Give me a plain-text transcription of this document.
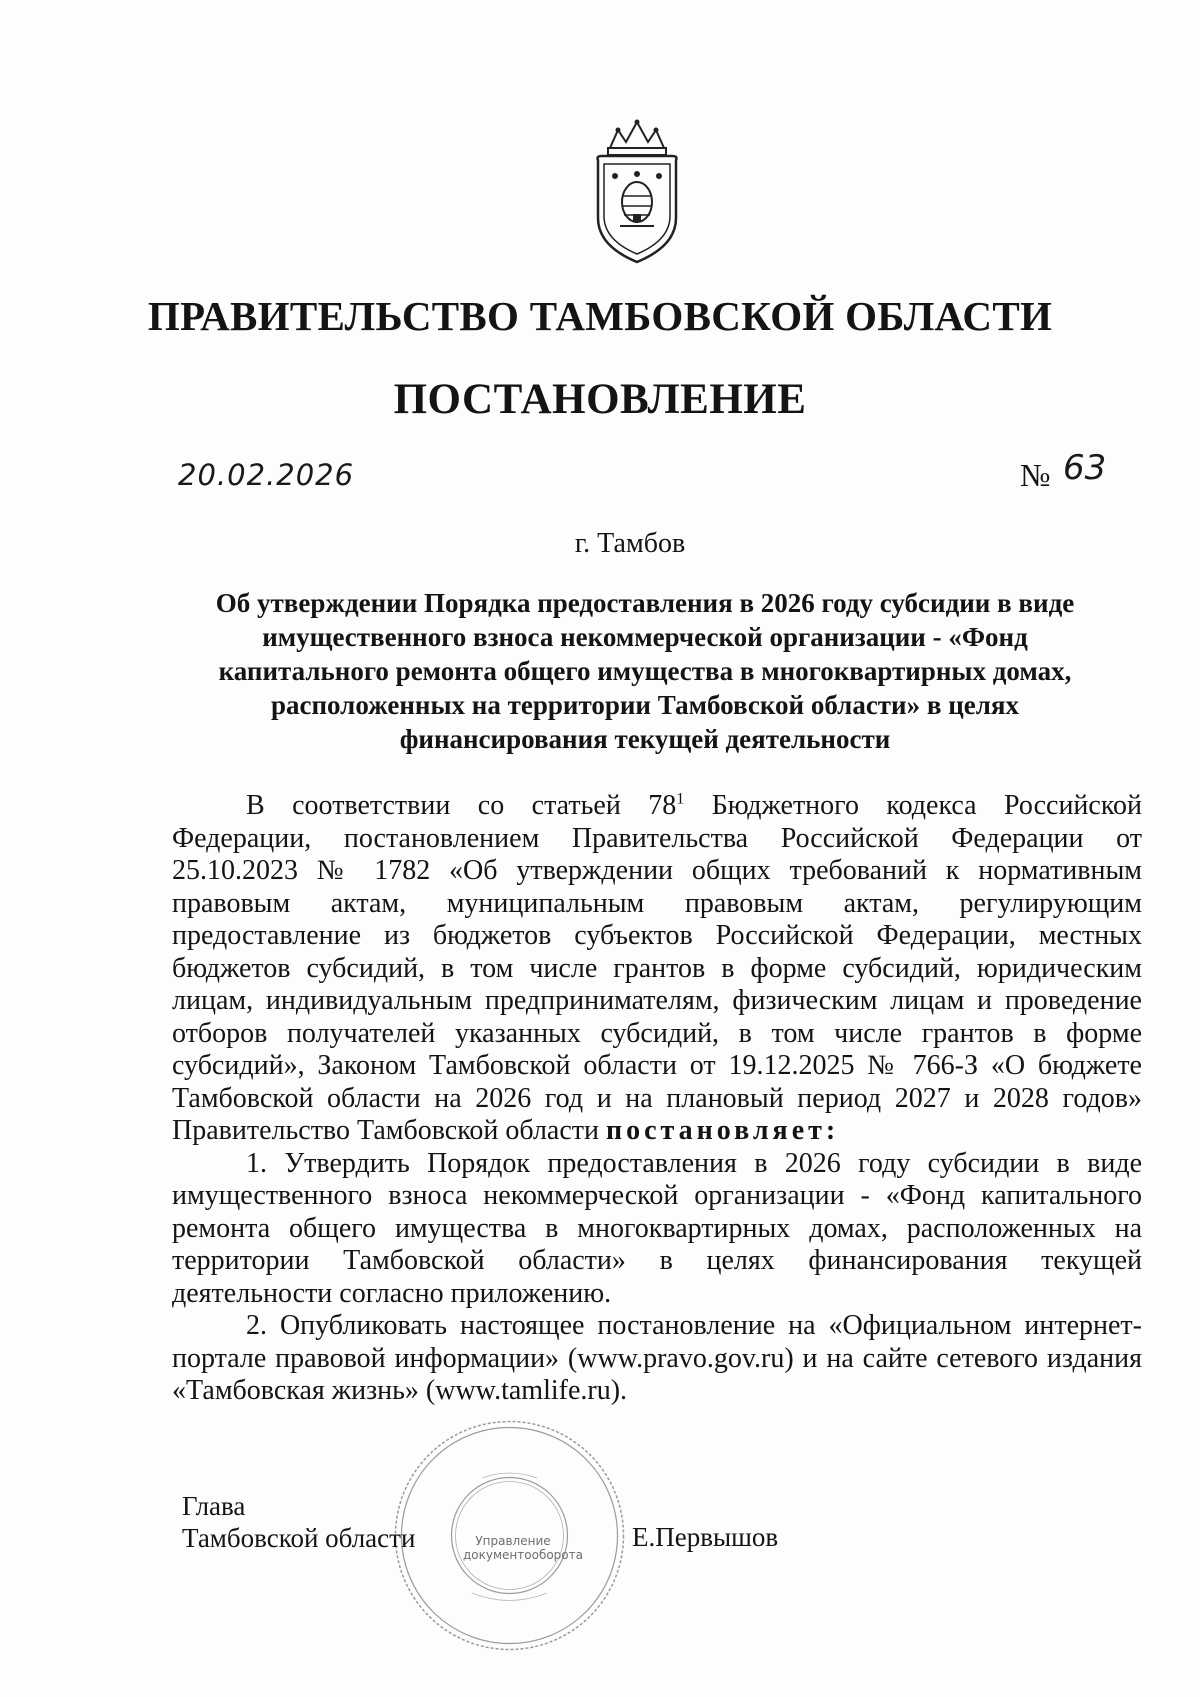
ПРАВИТЕЛЬСТВО ТАМБОВСКОЙ ОБЛАСТИ
ПОСТАНОВЛЕНИЕ
20.02.2026	№ 63
г. Тамбов
Об утверждении Порядка предоставления в 2026 году субсидии в виде имущественного взноса некоммерческой организации - «Фонд капитального ремонта общего имущества в многоквартирных домах, расположенных на территории Тамбовской области» в целях финансирования текущей деятельности

В соответствии со статьей $78^1$ Бюджетного кодекса Российской Федерации, постановлением Правительства Российской Федерации от 25.10.2023 № 1782 «Об утверждении общих требований к нормативным правовым актам, муниципальным правовым актам, регулирующим предоставление из бюджетов субъектов Российской Федерации, местных бюджетов субсидий, в том числе грантов в форме субсидий, юридическим лицам, индивидуальным предпринимателям, физическим лицам и проведение отборов получателей указанных субсидий, в том числе грантов в форме субсидий», Законом Тамбовской области от 19.12.2025 № 766-З «О бюджете Тамбовской области на 2026 год и на плановый период 2027 и 2028 годов» Правительство Тамбовской области постановляет:

1. Утвердить Порядок предоставления в 2026 году субсидии в виде имущественного взноса некоммерческой организации - «Фонд капитального ремонта общего имущества в многоквартирных домах, расположенных на территории Тамбовской области» в целях финансирования текущей деятельности согласно приложению.

2. Опубликовать настоящее постановление на «Официальном интернет-портале правовой информации» (www.pravo.gov.ru) и на сайте сетевого издания «Тамбовская жизнь» (www.tamlife.ru).

Управление документооборота
Глава
Тамбовской области	Е.Первышов
